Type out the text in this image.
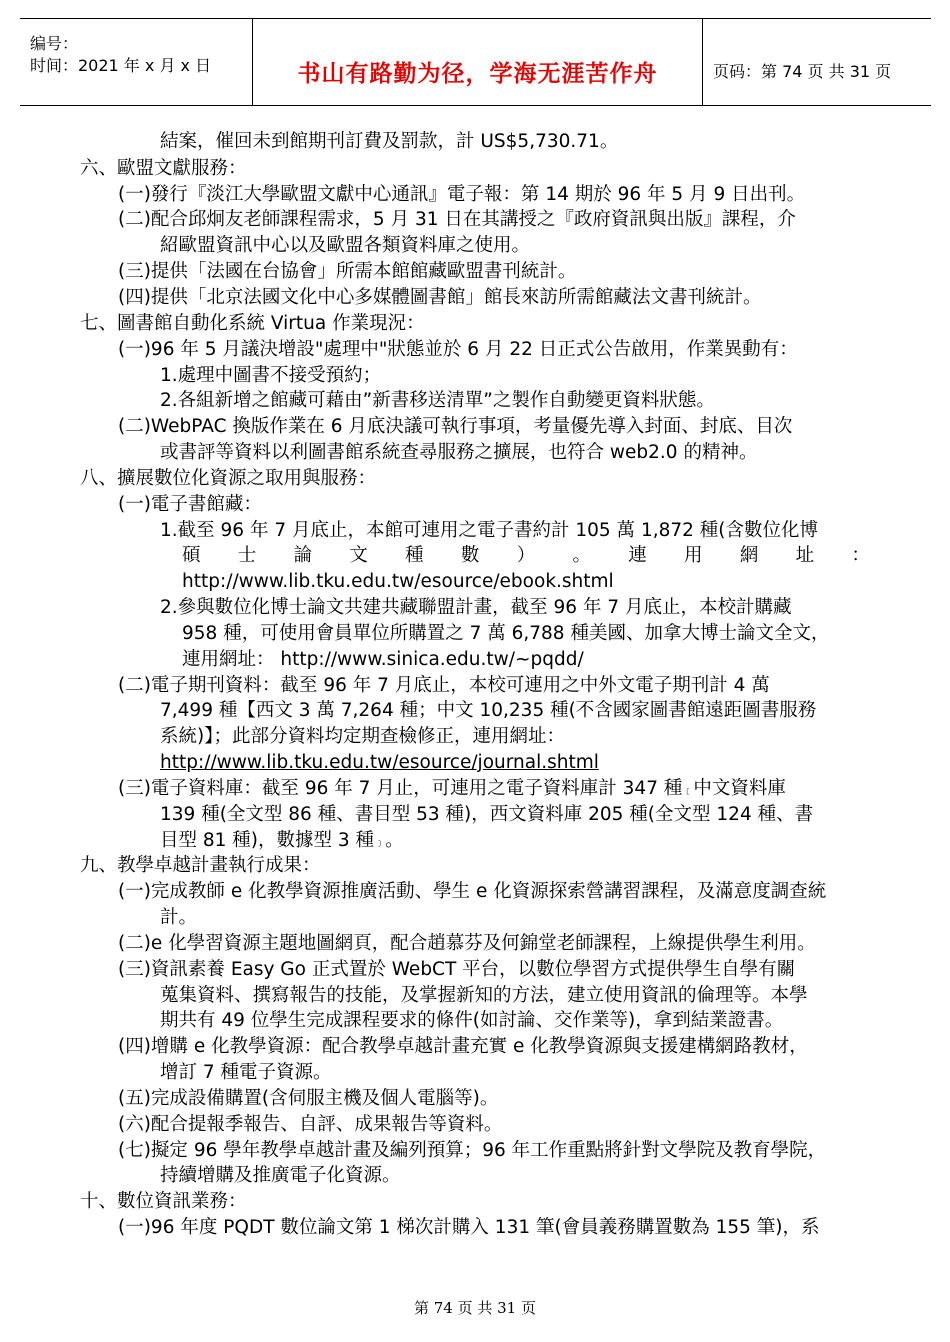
编号：
时间：2021 年 x 月 x 日	书山有路勤为径，学海无涯苦作舟	页码：第 74 页 共 31 页
結案，催回未到館期刊訂費及罰款，計 US$5,730.71。
六、歐盟文獻服務：
(一)發行『淡江大學歐盟文獻中心通訊』電子報：第 14 期於 96 年 5 月 9 日出刊。
(二)配合邱炯友老師課程需求，5 月 31 日在其講授之『政府資訊與出版』課程，介
紹歐盟資訊中心以及歐盟各類資料庫之使用。
(三)提供「法國在台協會」所需本館館藏歐盟書刊統計。
(四)提供「北京法國文化中心多媒體圖書館」館長來訪所需館藏法文書刊統計。
七、圖書館自動化系統 Virtua 作業現況：
(一)96 年 5 月議決增設"處理中"狀態並於 6 月 22 日正式公告啟用，作業異動有：
1.處理中圖書不接受預約；
2.各組新增之館藏可藉由”新書移送清單”之製作自動變更資料狀態。
(二)WebPAC 換版作業在 6 月底決議可執行事項，考量優先導入封面、封底、目次
或書評等資料以利圖書館系統查尋服務之擴展，也符合 web2.0 的精神。
八、擴展數位化資源之取用與服務：
(一)電子書館藏：
1.截至 96 年 7 月底止，本館可連用之電子書約計 105 萬 1,872 種(含數位化博
碩 士 論 文 種 數 ） 。 連 用 網 址 ：
http://www.lib.tku.edu.tw/esource/ebook.shtml
2.參與數位化博士論文共建共藏聯盟計畫，截至 96 年 7 月底止，本校計購藏
958 種，可使用會員單位所購置之 7 萬 6,788 種美國、加拿大博士論文全文，
連用網址： http://www.sinica.edu.tw/~pqdd/
(二)電子期刊資料：截至 96 年 7 月底止，本校可連用之中外文電子期刊計 4 萬
7,499 種【西文 3 萬 7,264 種；中文 10,235 種(不含國家圖書館遠距圖書服務
系統)】；此部分資料均定期查檢修正，連用網址：
http://www.lib.tku.edu.tw/esource/journal.shtml
(三)電子資料庫：截至 96 年 7 月止，可連用之電子資料庫計 347 種﹝中文資料庫
139 種(全文型 86 種、書目型 53 種)，西文資料庫 205 種(全文型 124 種、書
目型 81 種)，數據型 3 種﹞。
九、教學卓越計畫執行成果：
(一)完成教師 e 化教學資源推廣活動、學生 e 化資源探索營講習課程，及滿意度調查統
計。
(二)e 化學習資源主題地圖網頁，配合趙慕芬及何錦堂老師課程，上線提供學生利用。
(三)資訊素養 Easy Go 正式置於 WebCT 平台，以數位學習方式提供學生自學有關
蒐集資料、撰寫報告的技能，及掌握新知的方法，建立使用資訊的倫理等。本學
期共有 49 位學生完成課程要求的條件(如討論、交作業等)，拿到結業證書。
(四)增購 e 化教學資源：配合教學卓越計畫充實 e 化教學資源與支援建構網路教材，
增訂 7 種電子資源。
(五)完成設備購置(含伺服主機及個人電腦等)。
(六)配合提報季報告、自評、成果報告等資料。
(七)擬定 96 學年教學卓越計畫及編列預算；96 年工作重點將針對文學院及教育學院，
持續增購及推廣電子化資源。
十、數位資訊業務：
(一)96 年度 PQDT 數位論文第 1 梯次計購入 131 筆(會員義務購置數為 155 筆)，系
第 74 页 共 31 页
